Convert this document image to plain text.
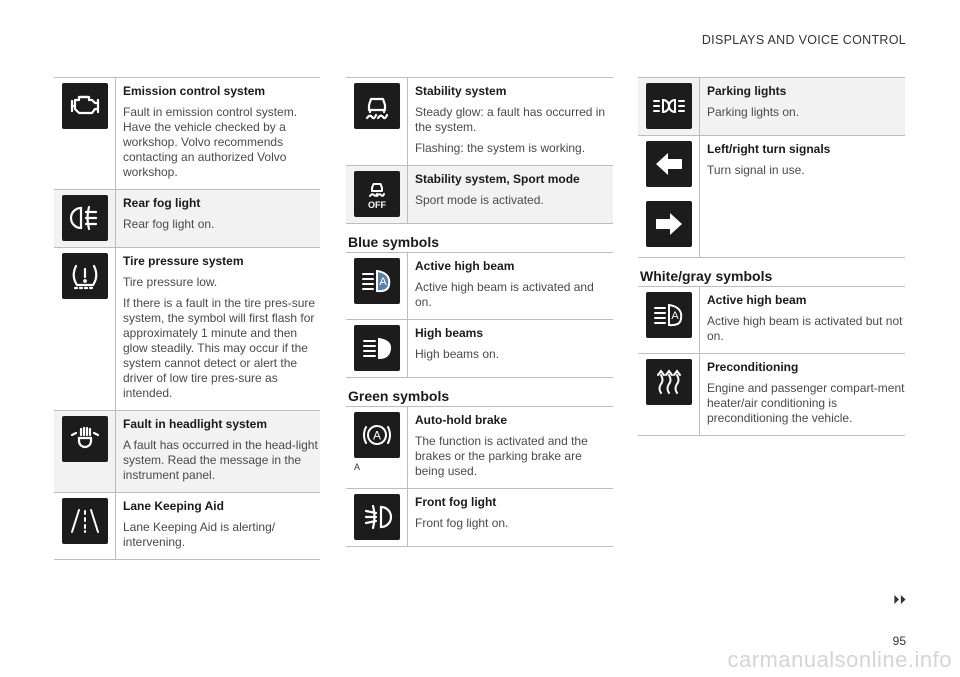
DISPLAYS AND VOICE CONTROL
Emission control system
Fault in emission control system. Have the vehicle checked by a workshop. Volvo recommends contacting an authorized Volvo workshop.
Rear fog light
Rear fog light on.
Tire pressure system
Tire pressure low.
If there is a fault in the tire pres-sure system, the symbol will first flash for approximately 1 minute and then glow steadily. This may occur if the system cannot detect or alert the driver of low tire pres-sure as intended.
Fault in headlight system
A fault has occurred in the head-light system. Read the message in the instrument panel.
Lane Keeping Aid
Lane Keeping Aid is alerting/ intervening.
Stability system
Steady glow: a fault has occurred in the system.
Flashing: the system is working.
OFF
Stability system, Sport mode
Sport mode is activated.
Blue symbols
A
Active high beam
Active high beam is activated and on.
High beams
High beams on.
Green symbols
A
A
Auto-hold brake
The function is activated and the brakes or the parking brake are being used.
Front fog light
Front fog light on.
Parking lights
Parking lights on.
Left/right turn signals
Turn signal in use.
White/gray symbols
A
Active high beam
Active high beam is activated but not on.
Preconditioning
Engine and passenger compart-ment heater/air conditioning is preconditioning the vehicle.
⏵⏵
95
carmanualsonline.info
